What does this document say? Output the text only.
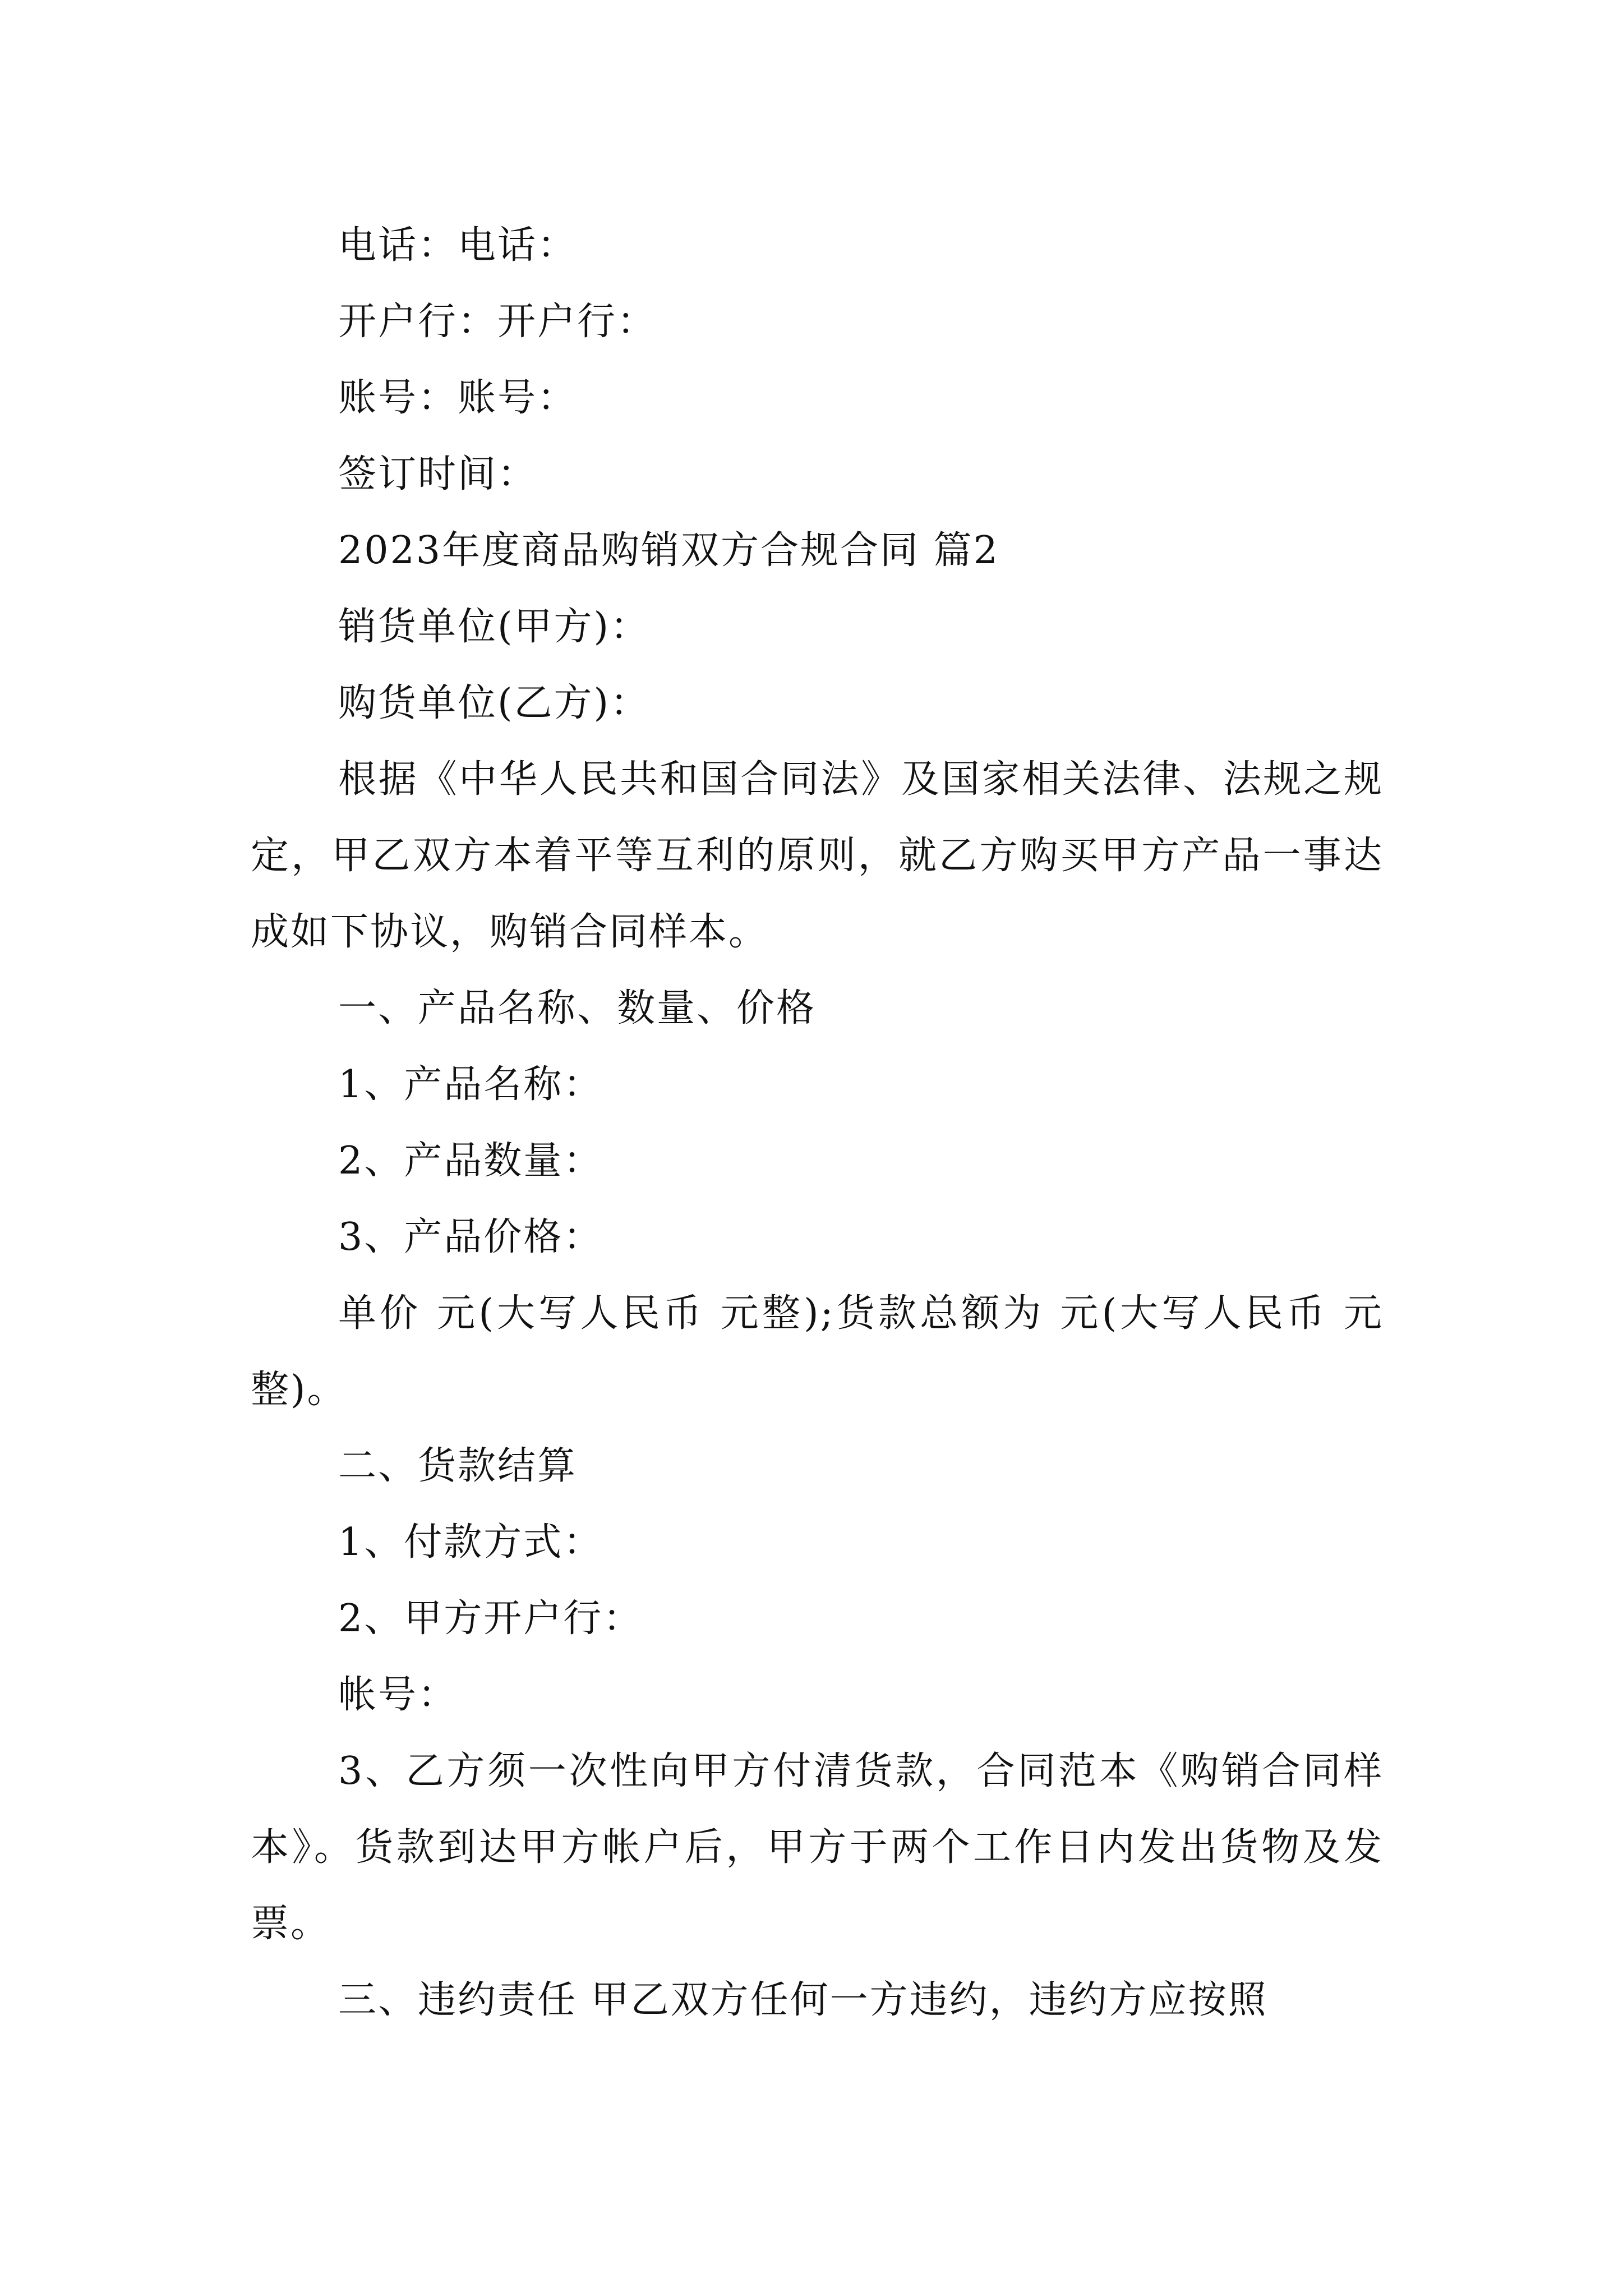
电话：电话：
开户行：开户行：
账号：账号：
签订时间：
2023年度商品购销双方合规合同 篇2
销货单位(甲方)：
购货单位(乙方)：

根据《中华人民共和国合同法》及国家相关法律、法规之规定，甲乙双方本着平等互利的原则，就乙方购买甲方产品一事达成如下协议，购销合同样本。

一、产品名称、数量、价格
1、产品名称：
2、产品数量：
3、产品价格：

单价 元(大写人民币 元整);货款总额为 元(大写人民币 元整)。

二、货款结算
1、付款方式：
2、甲方开户行：
帐号：

3、乙方须一次性向甲方付清货款，合同范本《购销合同样本》。货款到达甲方帐户后，甲方于两个工作日内发出货物及发票。

三、违约责任 甲乙双方任何一方违约，违约方应按照
